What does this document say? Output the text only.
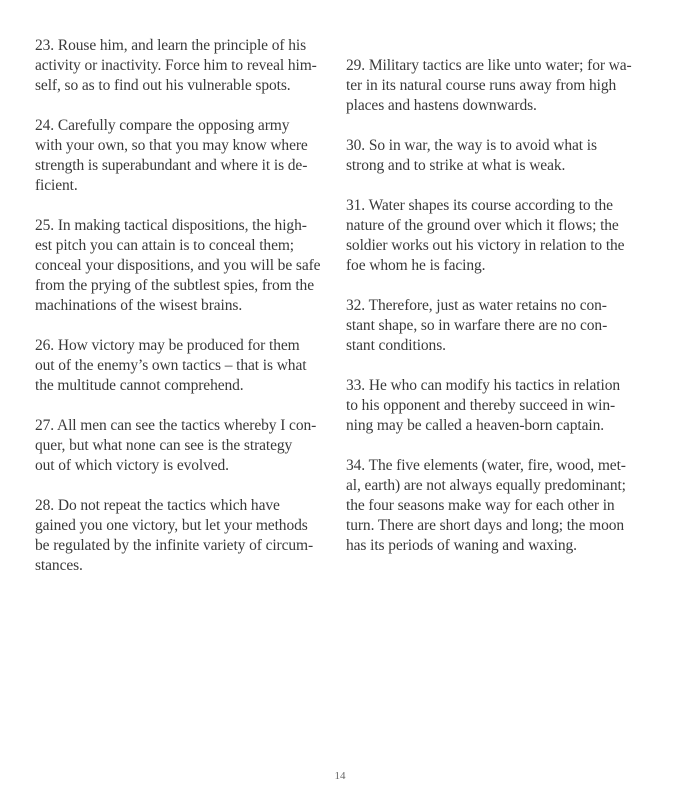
23. Rouse him, and learn the principle of his
activity or inactivity. Force him to reveal him-
self, so as to find out his vulnerable spots.

24. Carefully compare the opposing army
with your own, so that you may know where
strength is superabundant and where it is de-
ficient.

25. In making tactical dispositions, the high-
est pitch you can attain is to conceal them;
conceal your dispositions, and you will be safe
from the prying of the subtlest spies, from the
machinations of the wisest brains.

26. How victory may be produced for them
out of the enemy’s own tactics – that is what
the multitude cannot comprehend.

27. All men can see the tactics whereby I con-
quer, but what none can see is the strategy
out of which victory is evolved.

28. Do not repeat the tactics which have
gained you one victory, but let your methods
be regulated by the infinite variety of circum-
stances.

29. Military tactics are like unto water; for wa-
ter in its natural course runs away from high
places and hastens downwards.

30. So in war, the way is to avoid what is
strong and to strike at what is weak.

31. Water shapes its course according to the
nature of the ground over which it flows; the
soldier works out his victory in relation to the
foe whom he is facing.

32. Therefore, just as water retains no con-
stant shape, so in warfare there are no con-
stant conditions.

33. He who can modify his tactics in relation
to his opponent and thereby succeed in win-
ning may be called a heaven-born captain.

34. The five elements (water, fire, wood, met-
al, earth) are not always equally predominant;
the four seasons make way for each other in
turn. There are short days and long; the moon
has its periods of waning and waxing.

14
